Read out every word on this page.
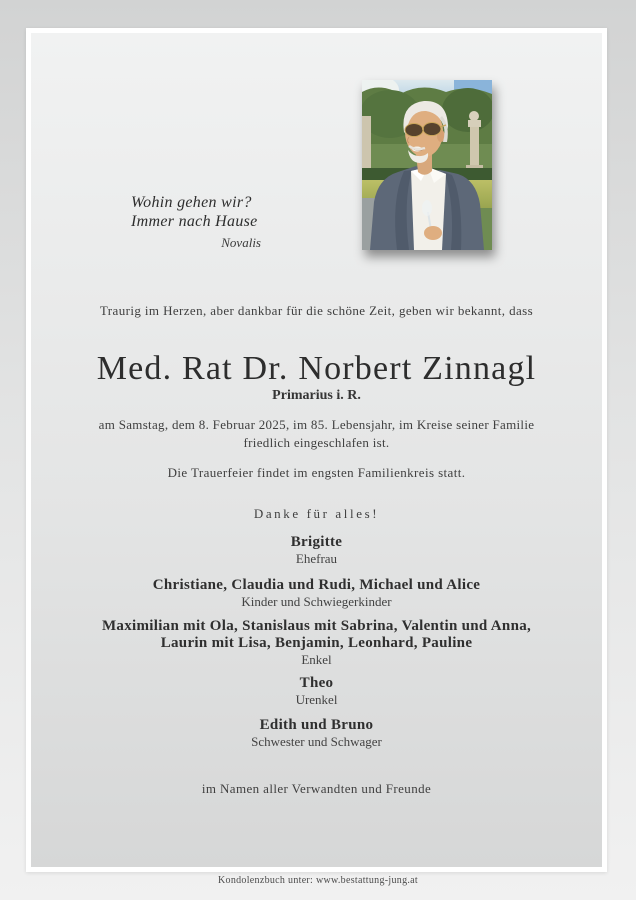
Wohin gehen wir?
Immer nach Hause
Novalis
Traurig im Herzen, aber dankbar für die schöne Zeit, geben wir bekannt, dass
Med. Rat Dr. Norbert Zinnagl
Primarius i. R.
am Samstag, dem 8. Februar 2025, im 85. Lebensjahr, im Kreise seiner Familie
friedlich eingeschlafen ist.
Die Trauerfeier findet im engsten Familienkreis statt.
Danke für alles!
Brigitte
Ehefrau
Christiane, Claudia und Rudi, Michael und Alice
Kinder und Schwiegerkinder
Maximilian mit Ola, Stanislaus mit Sabrina, Valentin und Anna,
Laurin mit Lisa, Benjamin, Leonhard, Pauline
Enkel
Theo
Urenkel
Edith und Bruno
Schwester und Schwager
im Namen aller Verwandten und Freunde
Kondolenzbuch unter: www.bestattung-jung.at
